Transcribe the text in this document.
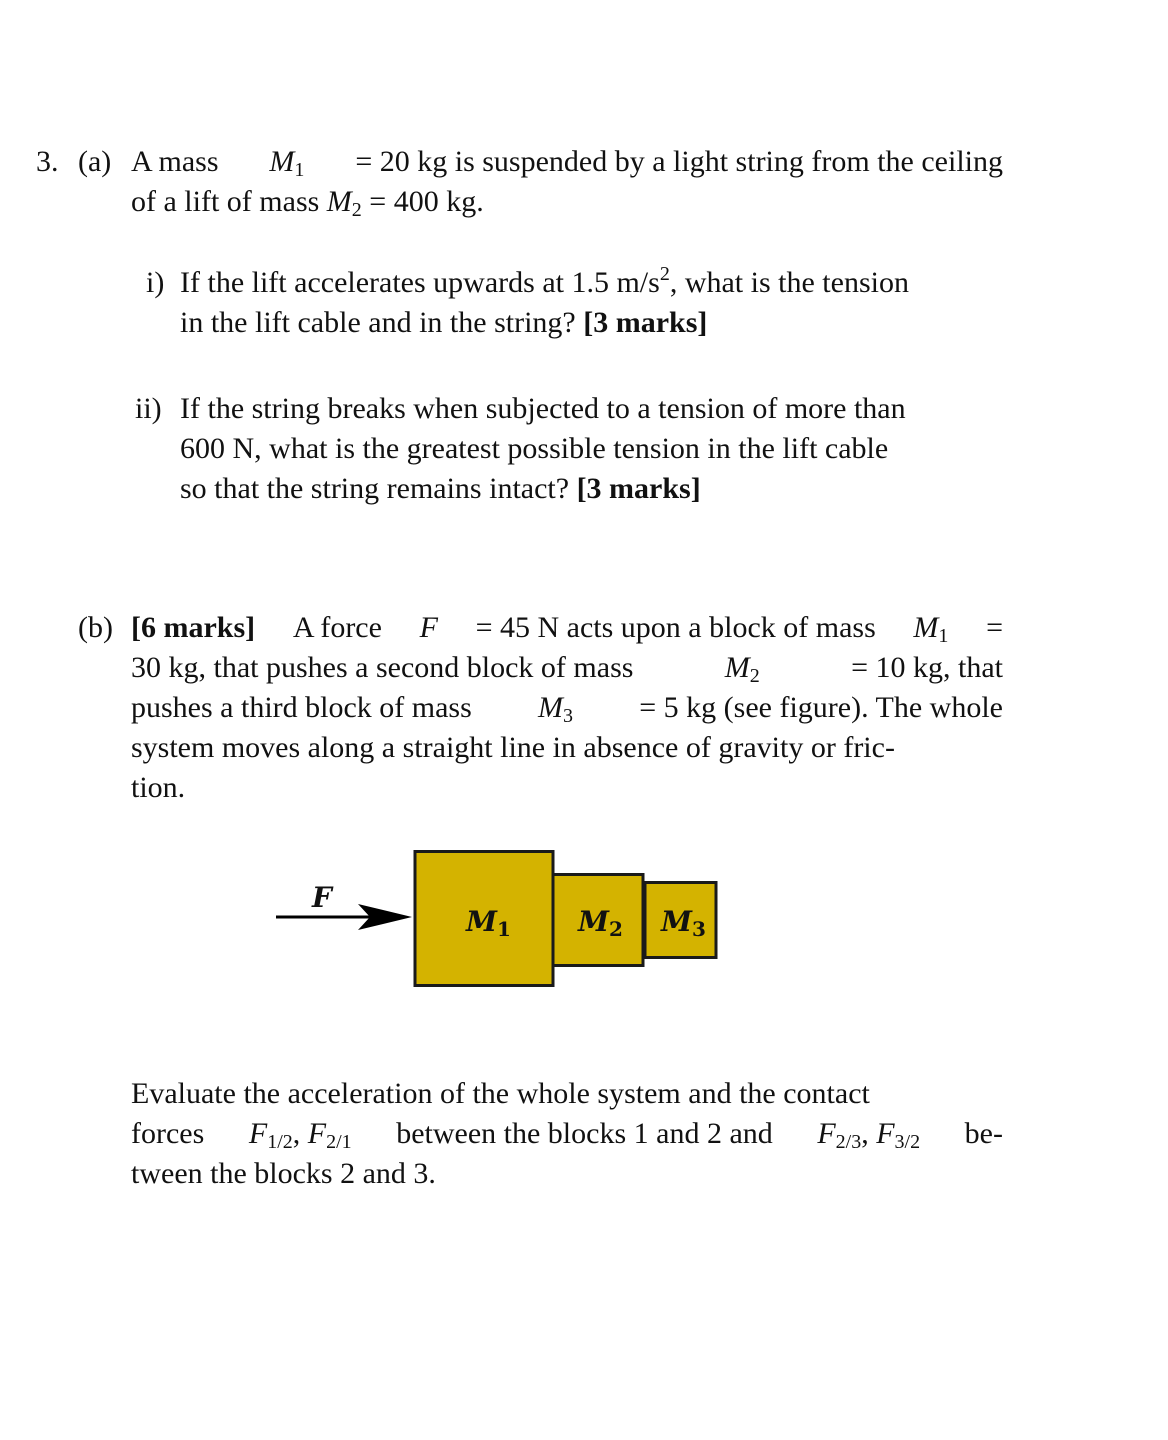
3. (a) A mass $M_1 = 20$ kg is suspended by a light string from the ceiling
of a lift of mass $M_2 = 400$ kg.
i) If the lift accelerates upwards at 1.5 $m/s^2$, what is the tension
in the lift cable and in the string? [3 marks]
ii) If the string breaks when subjected to a tension of more than
600 N, what is the greatest possible tension in the lift cable
so that the string remains intact? [3 marks]
(b) [6 marks] A force F = 45 N acts upon a block of mass $M_1$ =
30 kg, that pushes a second block of mass	$M_2$	= 10 kg, that
pushes a third block of mass $M_3 = 5$ kg (see figure). The whole
system moves along a straight line in absence of gravity or fric-
tion.
F
$M_1$ $M_2$ $M_3$
Evaluate the acceleration of the whole system and the contact
forces $F_{1/2}$, $F_{2/1}$ between the blocks 1 and 2 and $F_{2/3}$, $F_{3/2}$ be-
tween the blocks 2 and 3.
